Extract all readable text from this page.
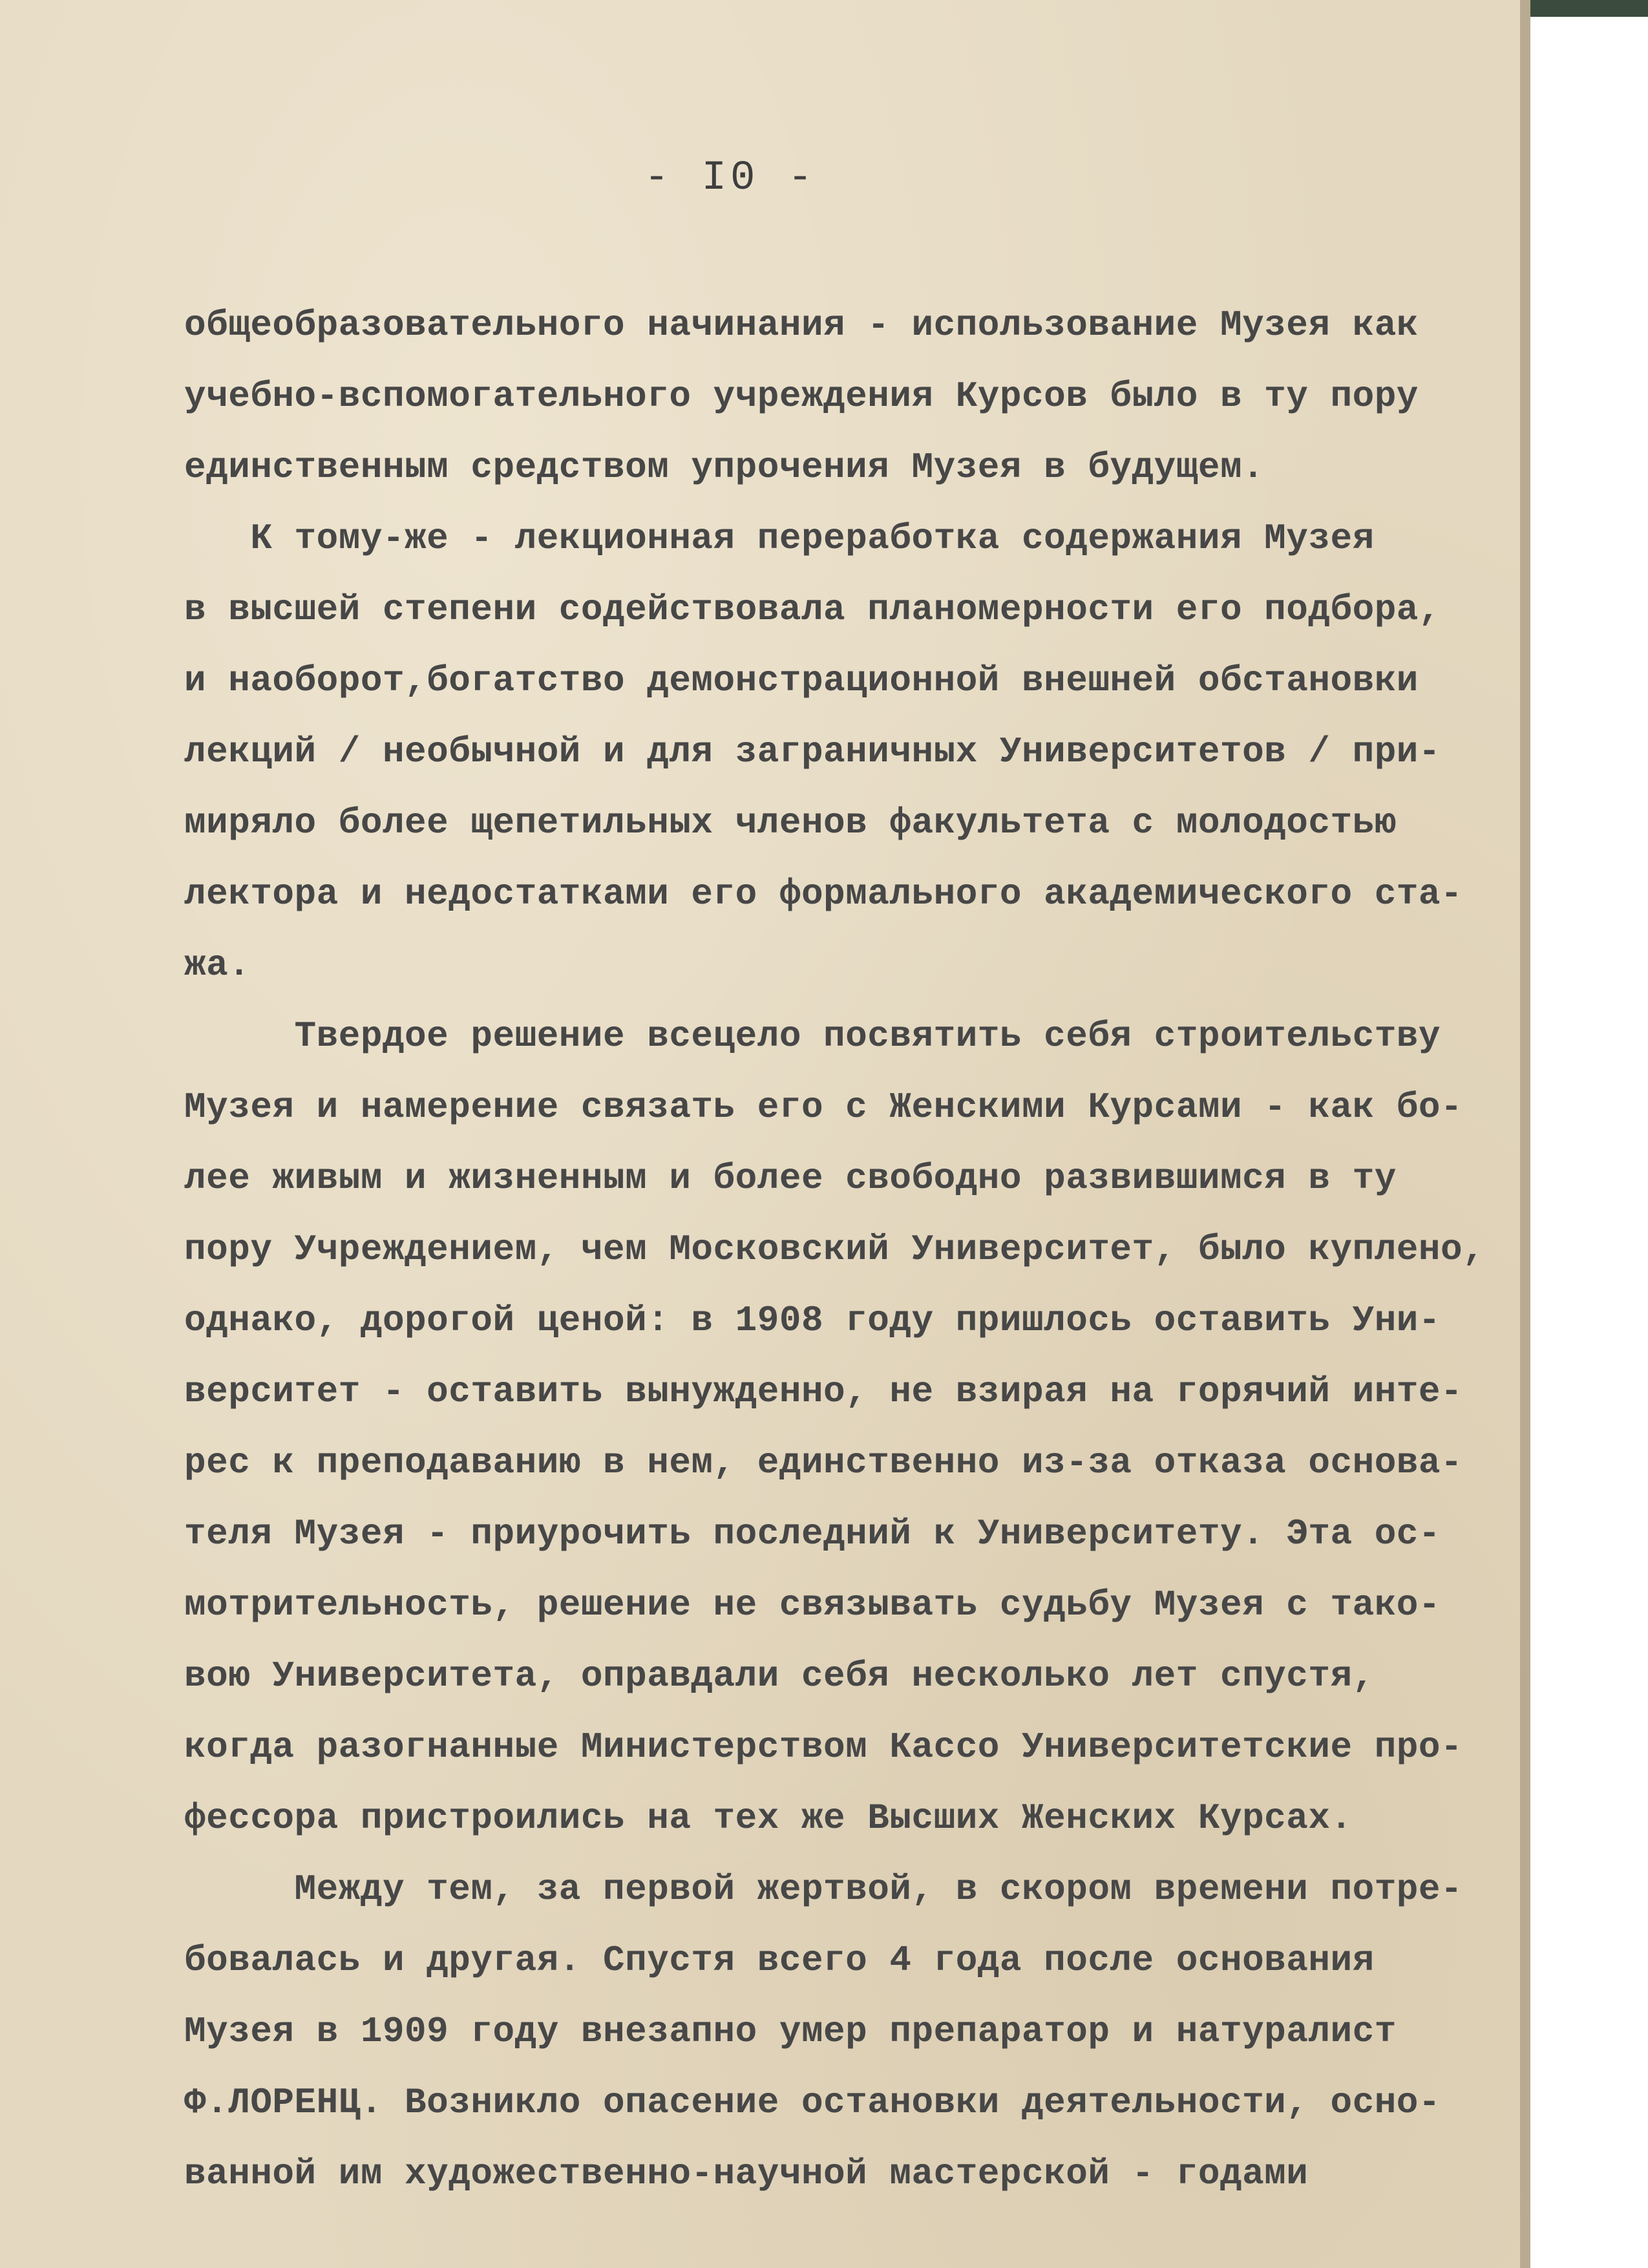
- I0 -
общеобразовательного начинания - использование Музея как
учебно-вспомогательного учреждения Курсов было в ту пору
единственным средством упрочения Музея в будущем.
К тому-же - лекционная переработка содержания Музея
в высшей степени содействовала планомерности его подбора,
и наоборот,богатство демонстрационной внешней обстановки
лекций / необычной и для заграничных Университетов / при-
миряло более щепетильных членов факультета с молодостью
лектора и недостатками его формального академического ста-
жа.
Твердое решение всецело посвятить себя строительству
Музея и намерение связать его с Женскими Курсами - как бо-
лее живым и жизненным и более свободно развившимся в ту
пору Учреждением, чем Московский Университет, было куплено,
однако, дорогой ценой: в 1908 году пришлось оставить Уни-
верситет - оставить вынужденно, не взирая на горячий инте-
рес к преподаванию в нем, единственно из-за отказа основа-
теля Музея - приурочить последний к Университету. Эта ос-
мотрительность, решение не связывать судьбу Музея с тако-
вою Университета, оправдали себя несколько лет спустя,
когда разогнанные Министерством Кассо Университетские про-
фессора пристроились на тех же Высших Женских Курсах.
Между тем, за первой жертвой, в скором времени потре-
бовалась и другая. Спустя всего 4 года после основания
Музея в 1909 году внезапно умер препаратор и натуралист
Ф.ЛОРЕНЦ. Возникло опасение остановки деятельности, осно-
ванной им художественно-научной мастерской - годами
